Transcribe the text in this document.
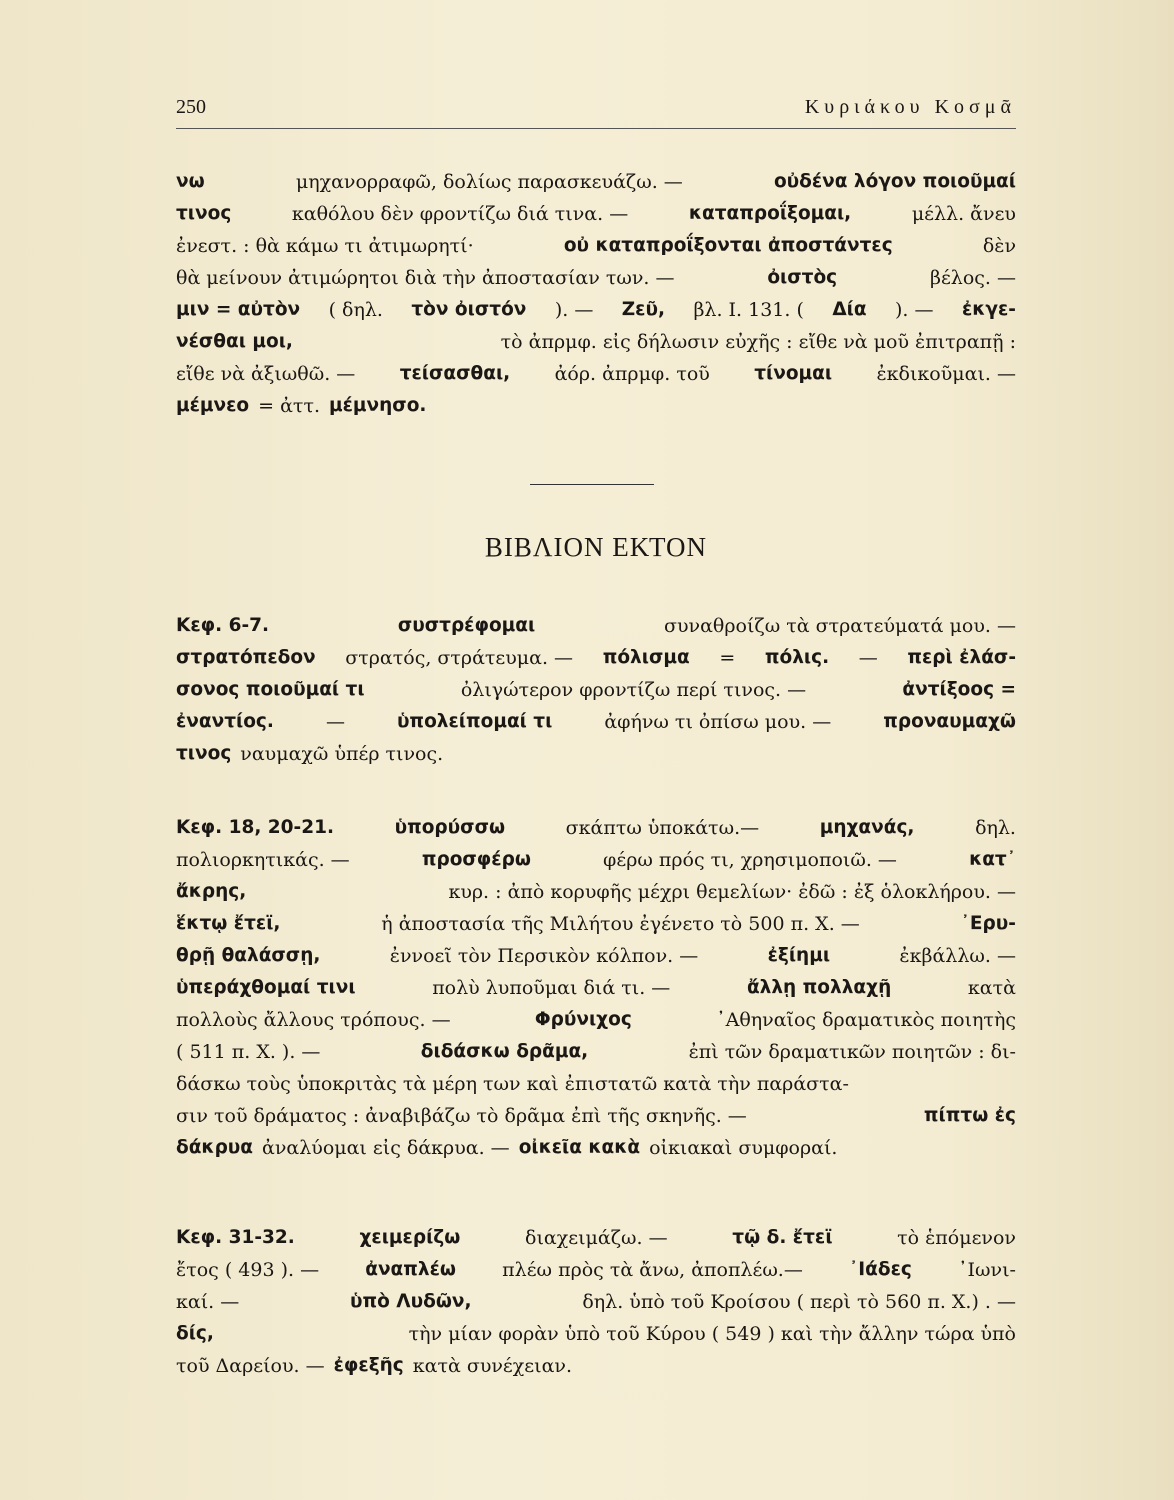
250	Κυριάκου Κοσμᾶ
νω	μηχανορραφῶ, δολίως παρασκευάζω. —	οὐδένα λόγον ποιοῦμαί
τινος	καθόλου δὲν φροντίζω διά τινα. —	καταπροΐξομαι,	μέλλ. ἄνευ
ἐνεστ. : θὰ κάμω τι ἀτιμωρητί·	οὐ καταπροΐξονται ἀποστάντες	δὲν
θὰ μείνουν ἀτιμώρητοι διὰ τὴν ἀποστασίαν των. —	ὀιστὸς	βέλος. —
μιν = αὐτὸν ( δηλ. τὸν ὀιστόν ). — Ζεῦ, βλ. Ι. 131. ( Δία ). — ἐκγε-
νέσθαι μοι,	τὸ ἀπρμφ. εἰς δήλωσιν εὐχῆς : εἴθε νὰ μοῦ ἐπιτραπῇ :
εἴθε νὰ ἀξιωθῶ. — τείσασθαι, ἀόρ. ἀπρμφ. τοῦ τίνομαι ἐκδικοῦμαι. —
μέμνεο = ἀττ. μέμνησο.
ΒΙΒΛΙΟΝ ΕΚΤΟΝ
Κεφ. 6-7.	συστρέφομαι	συναθροίζω τὰ στρατεύματά μου. —
στρατόπεδον στρατός, στράτευμα. — πόλισμα = πόλις. — περὶ ἐλάσ-
σονος ποιοῦμαί τι	ὀλιγώτερον φροντίζω περί τινος. —	ἀντίξοος =
ἐναντίος.	—	ὑπολείπομαί τι	ἀφήνω τι ὀπίσω μου. —	προναυμαχῶ
τινος ναυμαχῶ ὑπέρ τινος.
Κεφ. 18, 20-21.	ὑπορύσσω	σκάπτω ὑποκάτω.—	μηχανάς,	δηλ.
πολιορκητικάς. —	προσφέρω	φέρω πρός τι, χρησιμοποιῶ. —	κατ᾽
ἄκρης,	κυρ. : ἀπὸ κορυφῆς μέχρι θεμελίων· ἐδῶ : ἐξ ὁλοκλήρου. —
ἕκτῳ ἔτεϊ,	ἡ ἀποστασία τῆς Μιλήτου ἐγένετο τὸ 500 π. Χ. —	᾽Ερυ-
θρῇ θαλάσσῃ,	ἐννοεῖ τὸν Περσικὸν κόλπον. —	ἐξίημι	ἐκβάλλω. —
ὑπεράχθομαί τινι	πολὺ λυποῦμαι διά τι. —	ἄλλῃ πολλαχῇ	κατὰ
πολλοὺς ἄλλους τρόπους. —	Φρύνιχος	᾽Αθηναῖος δραματικὸς ποιητὴς
( 511 π. Χ. ). —	διδάσκω δρᾶμα,	ἐπὶ τῶν δραματικῶν ποιητῶν : δι-
δάσκω τοὺς ὑποκριτὰς τὰ μέρη των καὶ ἐπιστατῶ κατὰ τὴν παράστα-
σιν τοῦ δράματος : ἀναβιβάζω τὸ δρᾶμα ἐπὶ τῆς σκηνῆς. —	πίπτω ἐς
δάκρυα ἀναλύομαι εἰς δάκρυα. — οἰκεῖα κακὰ οἰκιακαὶ συμφοραί.
Κεφ. 31-32.	χειμερίζω	διαχειμάζω. —	τῷ δ. ἔτεϊ	τὸ ἑπόμενον
ἔτος ( 493 ). — ἀναπλέω πλέω πρὸς τὰ ἄνω, ἀποπλέω.— ᾽Ιάδες ᾽Ιωνι-
καί. —	ὑπὸ Λυδῶν,	δηλ. ὑπὸ τοῦ Κροίσου ( περὶ τὸ 560 π. Χ.) . —
δίς,	τὴν μίαν φορὰν ὑπὸ τοῦ Κύρου ( 549 ) καὶ τὴν ἄλλην τώρα ὑπὸ
τοῦ Δαρείου. — ἐφεξῆς κατὰ συνέχειαν.
